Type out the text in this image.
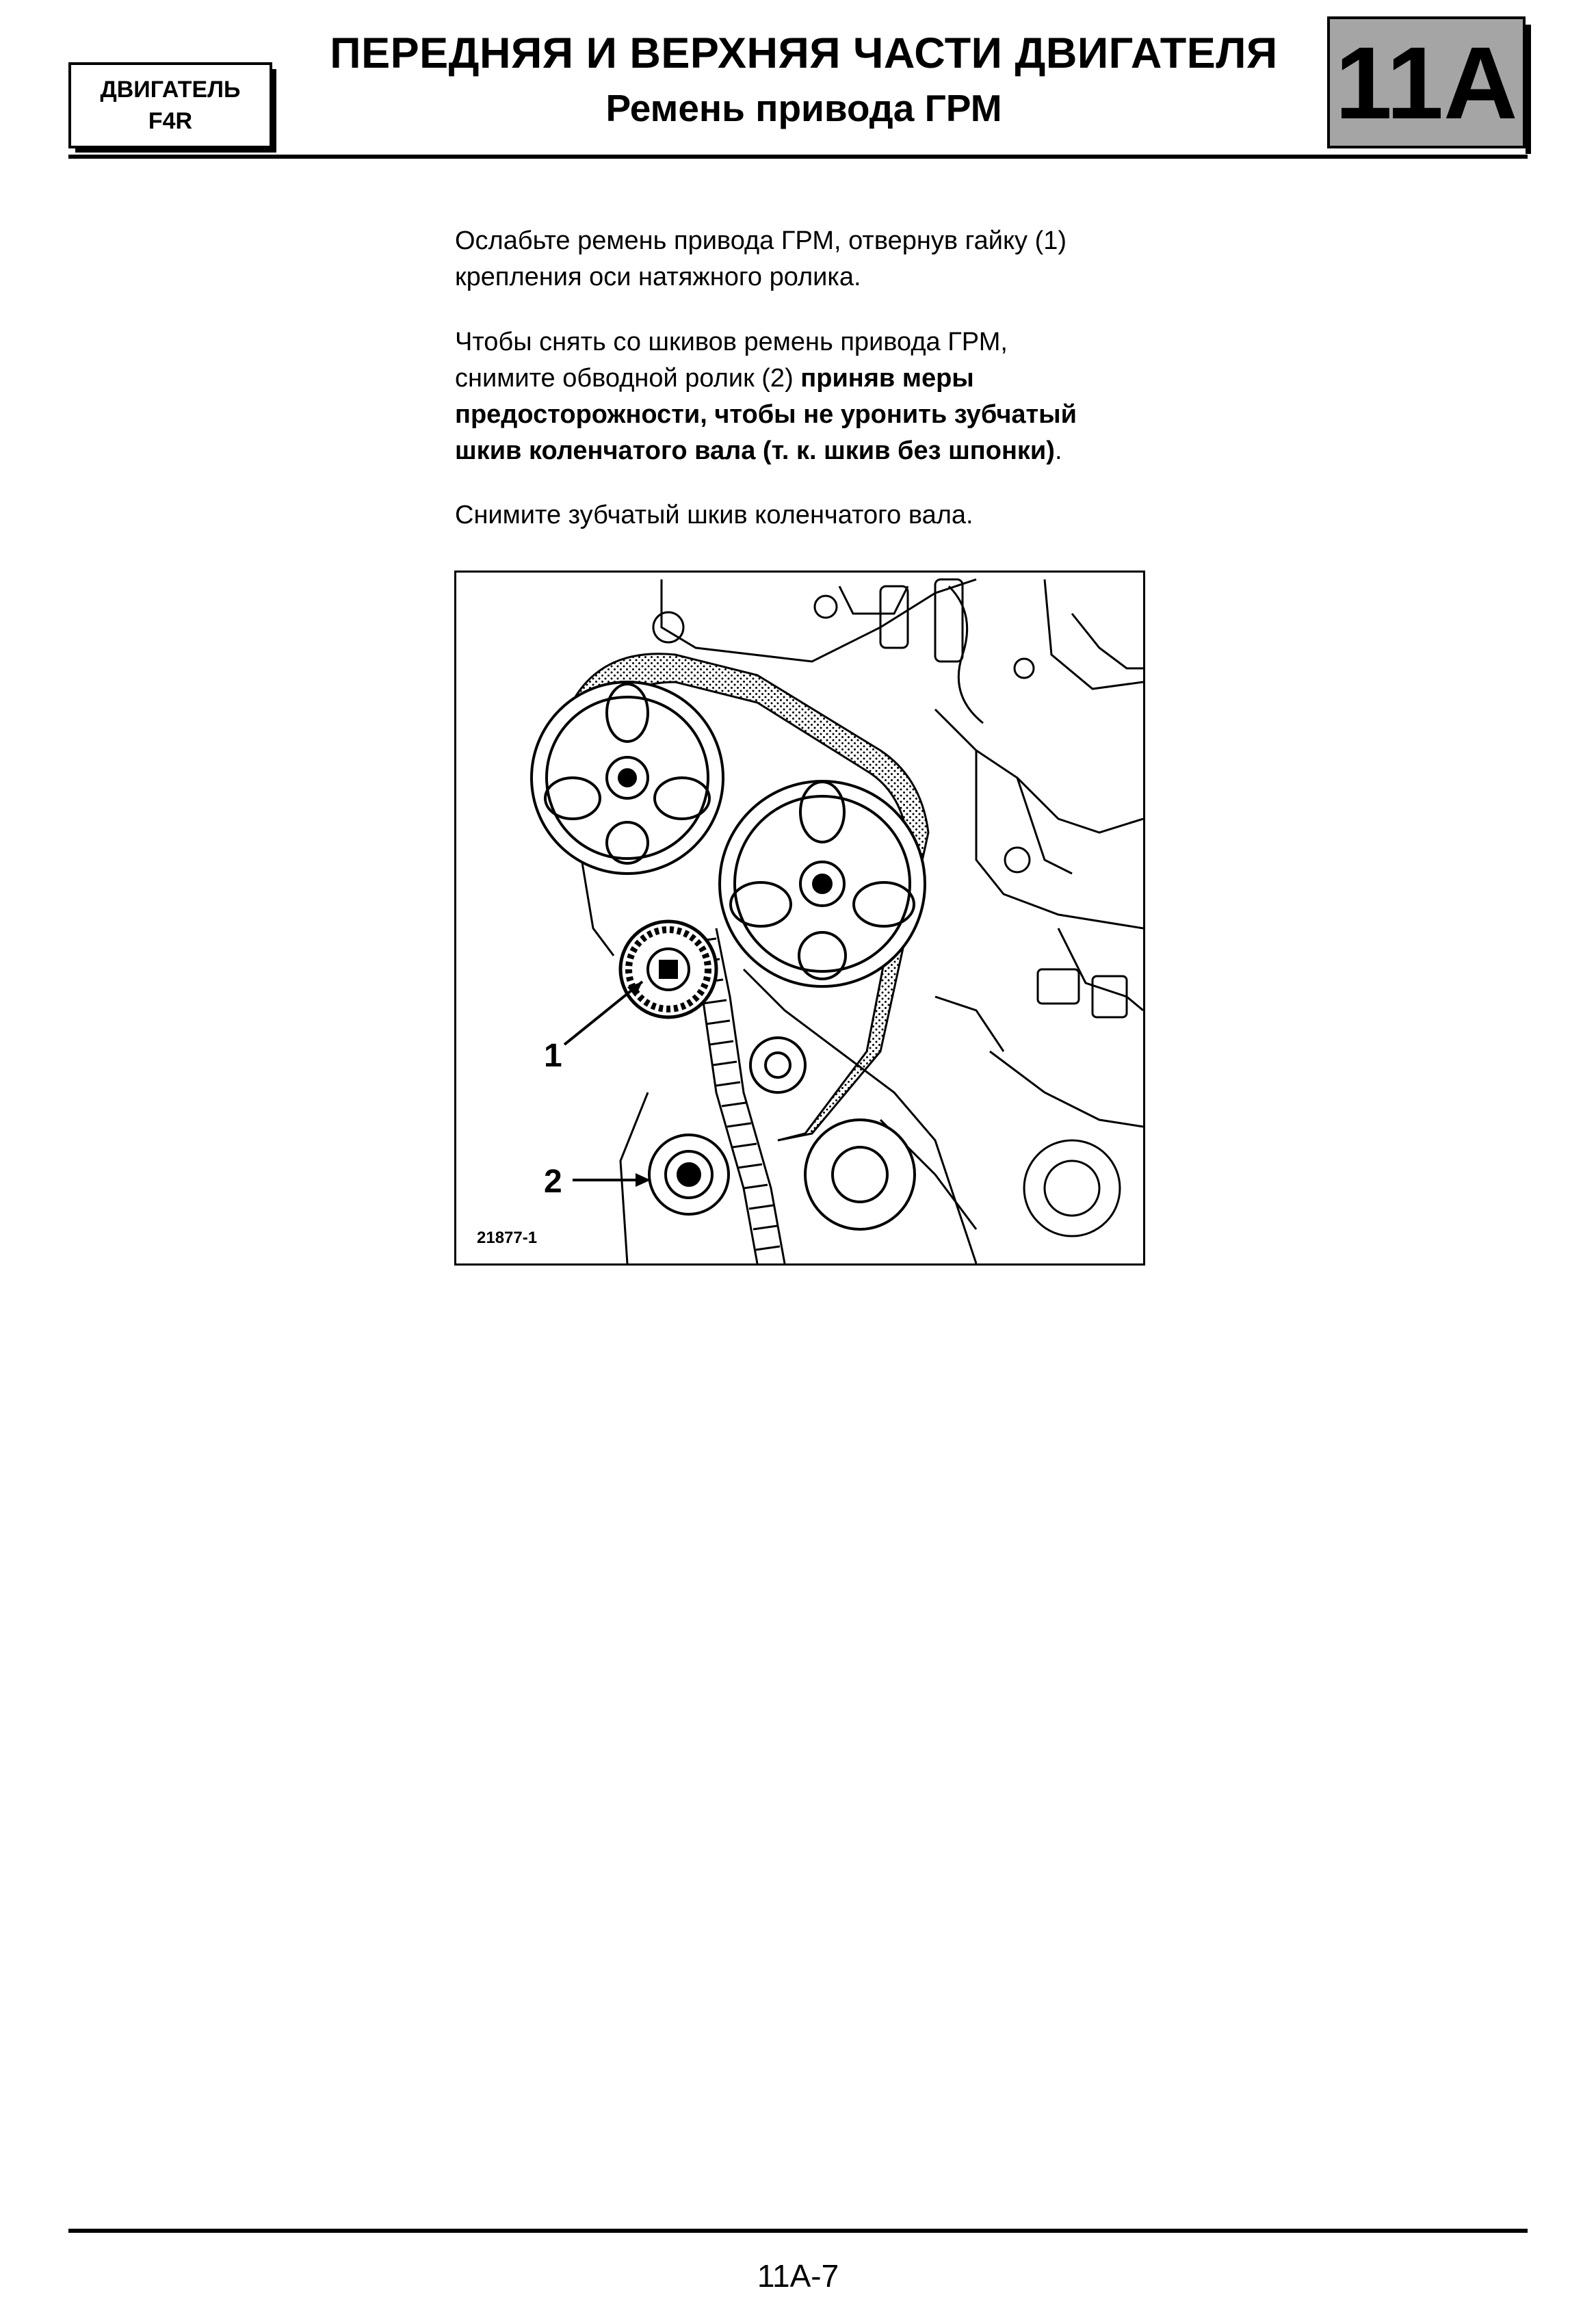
ДВИГАТЕЛЬ
F4R
ПЕРЕДНЯЯ И ВЕРХНЯЯ ЧАСТИ ДВИГАТЕЛЯ
Ремень привода ГРМ	11A

Ослабьте ремень привода ГРМ, отвернув гайку (1)
крепления оси натяжного ролика.

Чтобы снять со шкивов ремень привода ГРМ,
снимите обводной ролик (2) приняв меры
предосторожности, чтобы не уронить зубчатый
шкив коленчатого вала (т. к. шкив без шпонки).

Снимите зубчатый шкив коленчатого вала.

1
2
21877-1
11A-7
